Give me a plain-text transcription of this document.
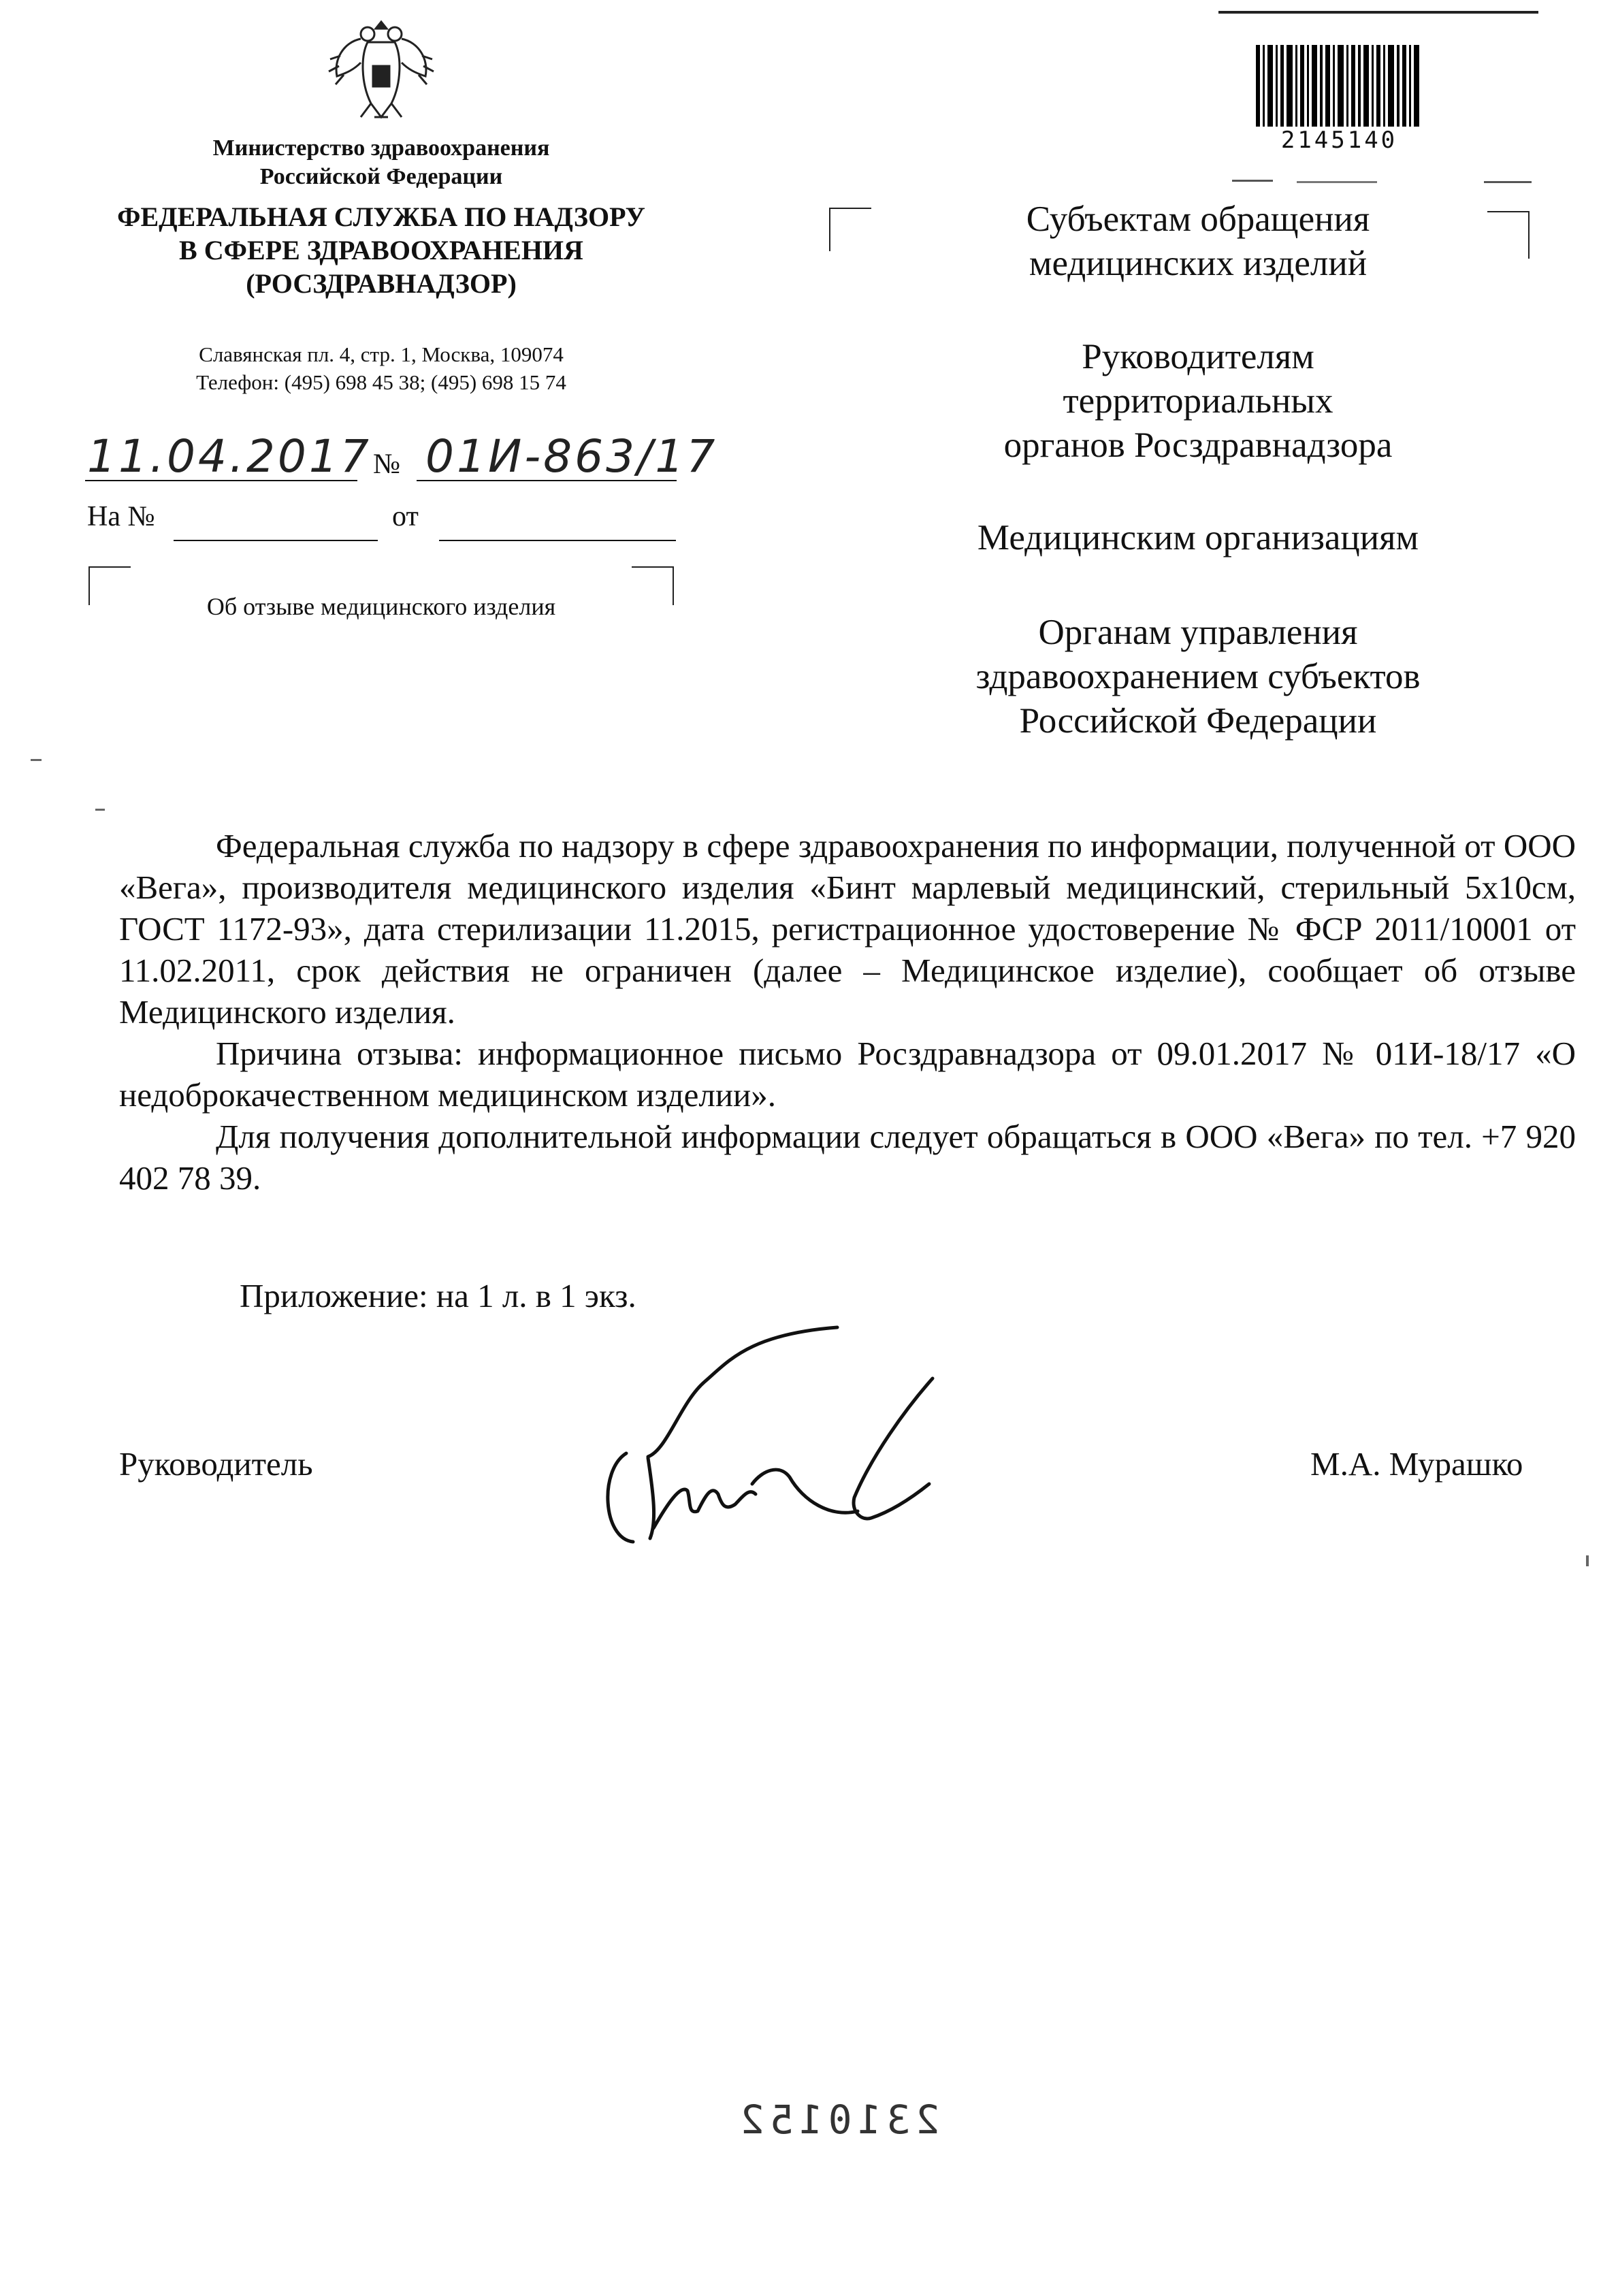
2145140
Министерство здравоохранения
Российской Федерации
ФЕДЕРАЛЬНАЯ СЛУЖБА ПО НАДЗОРУ
В СФЕРЕ ЗДРАВООХРАНЕНИЯ
(РОСЗДРАВНАДЗОР)
Славянская пл. 4, стр. 1, Москва, 109074
Телефон: (495) 698 45 38; (495) 698 15 74
11.04.2017 № 01И-863/17
На №	от
Об отзыве медицинского изделия
Субъектам обращения
медицинских изделий
Руководителям
территориальных
органов Росздравнадзора
Медицинским организациям
Органам управления
здравоохранением субъектов
Российской Федерации
Федеральная служба по надзору в сфере здравоохранения по информации, полученной от ООО «Вега», производителя медицинского изделия «Бинт марлевый медицинский, стерильный 5х10см, ГОСТ 1172-93», дата стерилизации 11.2015, регистрационное удостоверение № ФСР 2011/10001 от 11.02.2011, срок действия не ограничен (далее – Медицинское изделие), сообщает об отзыве Медицинского изделия.
Причина отзыва: информационное письмо Росздравнадзора от 09.01.2017 № 01И-18/17 «О недоброкачественном медицинском изделии».
Для получения дополнительной информации следует обращаться в ООО «Вега» по тел. +7 920 402 78 39.
Приложение: на 1 л. в 1 экз.
Руководитель	М.А. Мурашко
2310152
